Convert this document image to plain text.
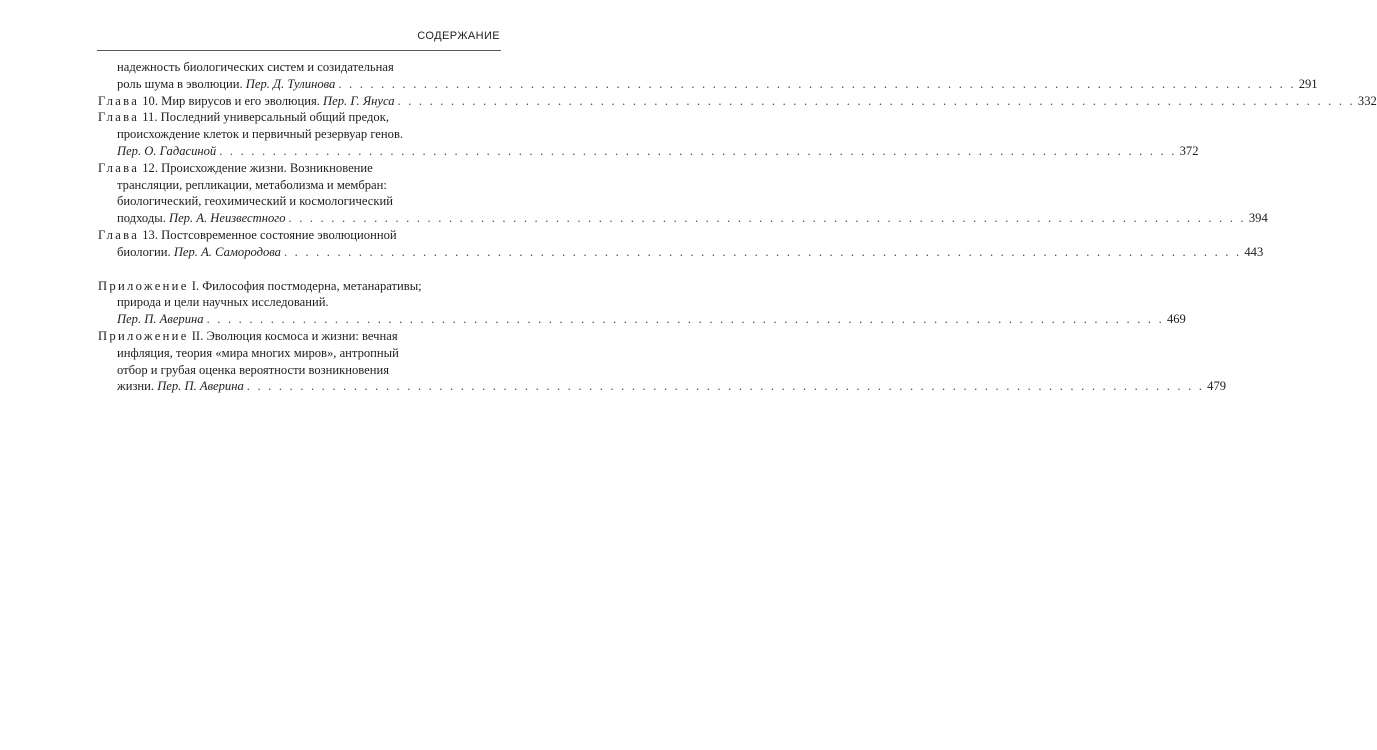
СОДЕРЖАНИЕ
надежность биологических систем и созидательная
роль шума в эволюции. Пер. Д. Тулинова . . . . . . . . . . . . . . . . . . . . . . . . . . . . . . . . . . . . . . . . . . . . . . . . . . . . . . . . . . . . . . . . . . . . . . . . . . . . . . . . . . . . . . . . . . 291
Глава 10. Мир вирусов и его эволюция. Пер. Г. Януса . . . . . . . . . . . . . . . . . . . . . . . . . . . . . . . . . . . . . . . . . . . . . . . . . . . . . . . . . . . . . . . . . . . . . . . . . . . . . . . . . . . . . . . . . . 332
Глава 11. Последний универсальный общий предок,
происхождение клеток и первичный резервуар генов.
Пер. О. Гадасиной . . . . . . . . . . . . . . . . . . . . . . . . . . . . . . . . . . . . . . . . . . . . . . . . . . . . . . . . . . . . . . . . . . . . . . . . . . . . . . . . . . . . . . . . . . 372
Глава 12. Происхождение жизни. Возникновение
трансляции, репликации, метаболизма и мембран:
биологический, геохимический и космологический
подходы. Пер. А. Неизвестного . . . . . . . . . . . . . . . . . . . . . . . . . . . . . . . . . . . . . . . . . . . . . . . . . . . . . . . . . . . . . . . . . . . . . . . . . . . . . . . . . . . . . . . . . . 394
Глава 13. Постсовременное состояние эволюционной
биологии. Пер. А. Самородова . . . . . . . . . . . . . . . . . . . . . . . . . . . . . . . . . . . . . . . . . . . . . . . . . . . . . . . . . . . . . . . . . . . . . . . . . . . . . . . . . . . . . . . . . . 443
Приложение I. Философия постмодерна, метанаративы;
природа и цели научных исследований.
Пер. П. Аверина . . . . . . . . . . . . . . . . . . . . . . . . . . . . . . . . . . . . . . . . . . . . . . . . . . . . . . . . . . . . . . . . . . . . . . . . . . . . . . . . . . . . . . . . . . 469
Приложение II. Эволюция космоса и жизни: вечная
инфляция, теория «мира многих миров», антропный
отбор и грубая оценка вероятности возникновения
жизни. Пер. П. Аверина . . . . . . . . . . . . . . . . . . . . . . . . . . . . . . . . . . . . . . . . . . . . . . . . . . . . . . . . . . . . . . . . . . . . . . . . . . . . . . . . . . . . . . . . . . 479
